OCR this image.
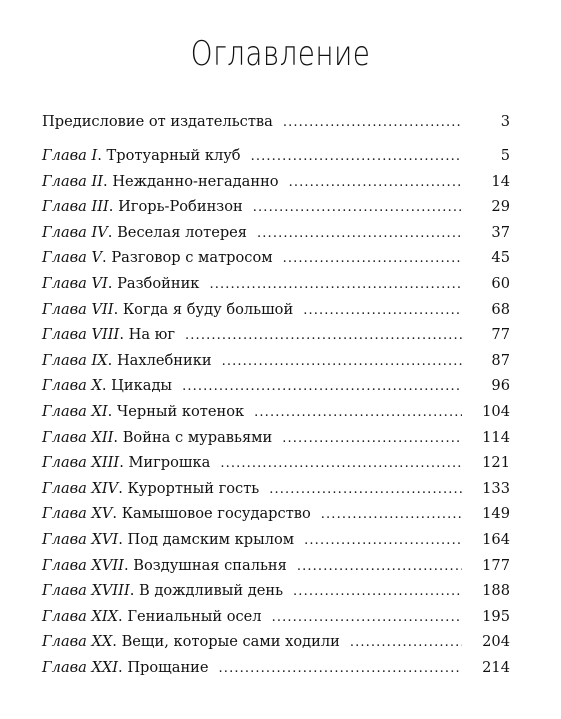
Оглавление
Предисловие от издательства . . .	3
Глава I. Тротуарный клуб . . .	5
Глава II. Нежданно-негаданно . . .	14
Глава III. Игорь-Робинзон . . .	29
Глава IV. Веселая лотерея . . .	37
Глава V. Разговор с матросом . . .	45
Глава VI. Разбойник . . .	60
Глава VII. Когда я буду большой . . .	68
Глава VIII. На юг . . .	77
Глава IX. Нахлебники . . .	87
Глава X. Цикады . . .	96
Глава XI. Черный котенок . . .	104
Глава XII. Война с муравьями . . .	114
Глава XIII. Мигрошка . . .	121
Глава XIV. Курортный гость . . .	133
Глава XV. Камышовое государство . . .	149
Глава XVI. Под дамским крылом . . .	164
Глава XVII. Воздушная спальня . . .	177
Глава XVIII. В дождливый день . . .	188
Глава XIX. Гениальный осел . . .	195
Глава XX. Вещи, которые сами ходили . . .	204
Глава XXI. Прощание . . .	214
